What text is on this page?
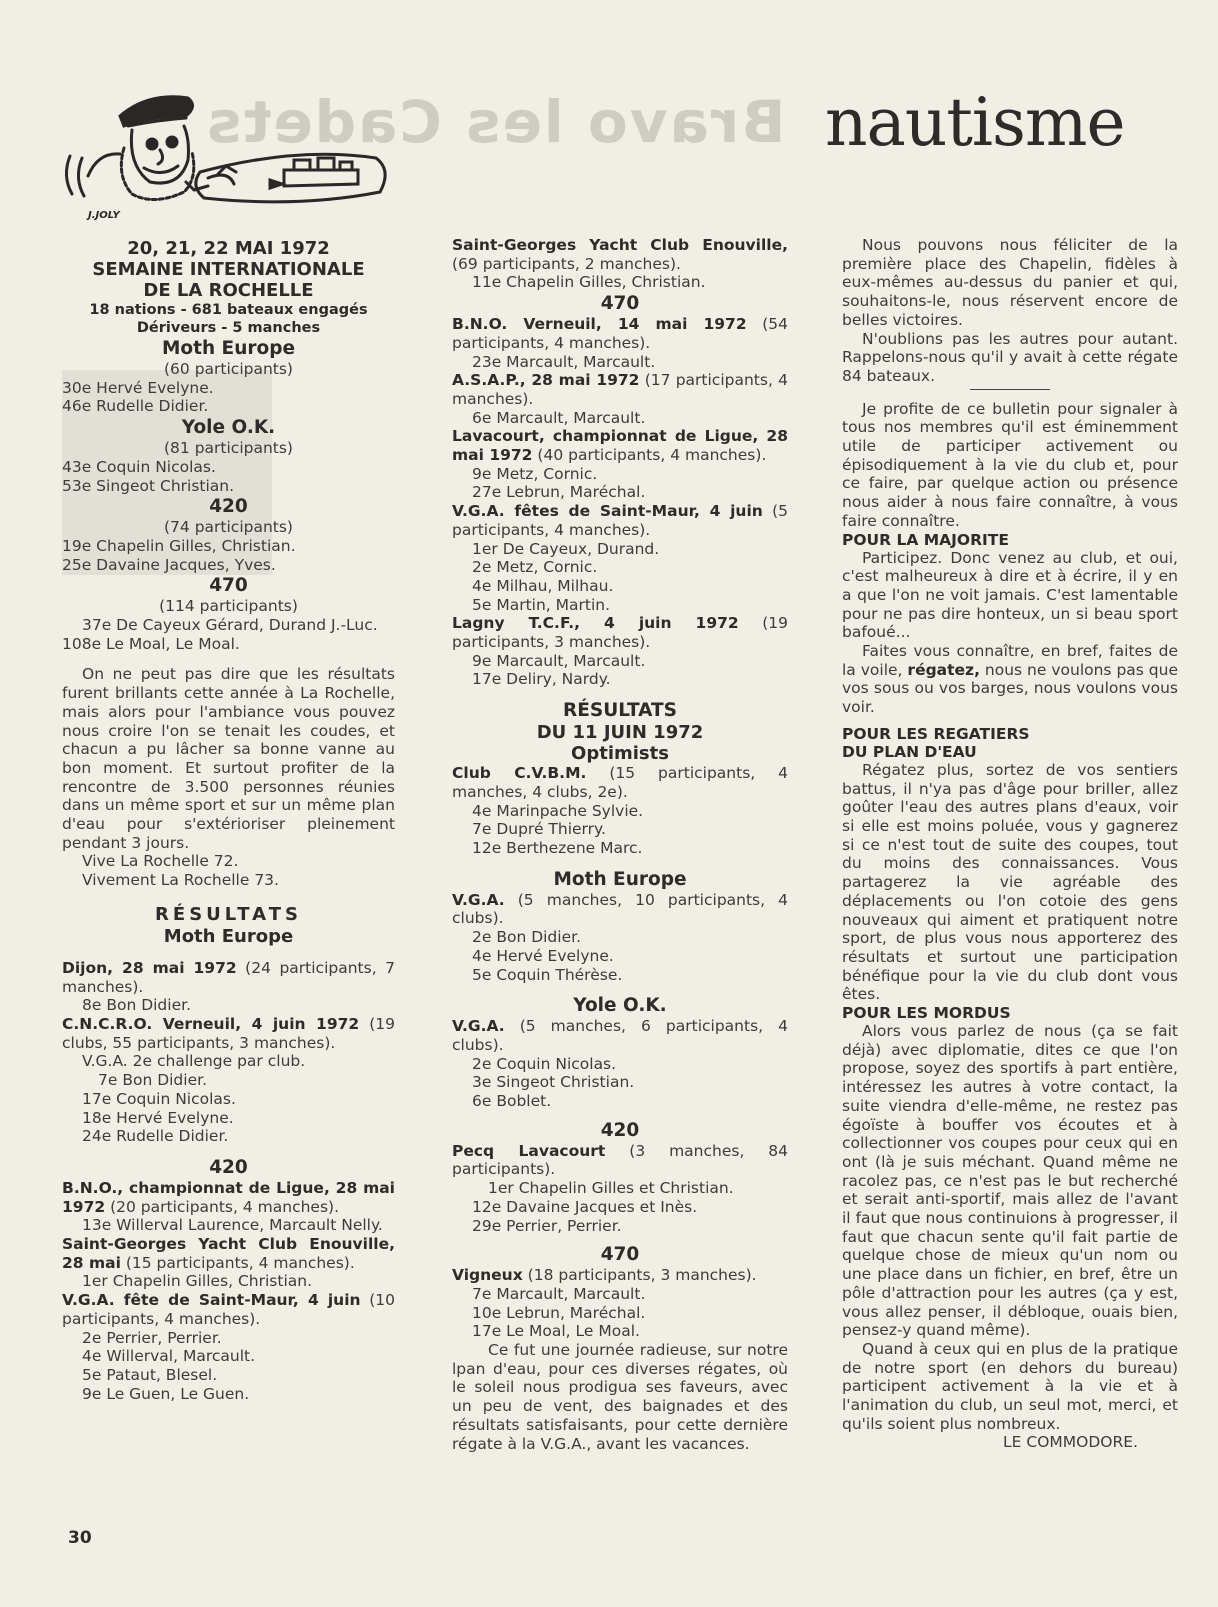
Bravo les Cadets
J.JOLY
nautisme

20, 21, 22 MAI 1972

SEMAINE INTERNATIONALE

DE LA ROCHELLE

18 nations - 681 bateaux engagés

Dériveurs - 5 manches

Moth Europe

(60 participants)

30e Hervé Evelyne.

46e Rudelle Didier.

Yole O.K.

(81 participants)

43e Coquin Nicolas.

53e Singeot Christian.

420

(74 participants)

19e Chapelin Gilles, Christian.

25e Davaine Jacques, Yves.

470

(114 participants)

37e De Cayeux Gérard, Durand J.-Luc.

108e Le Moal, Le Moal.

On ne peut pas dire que les résultats furent brillants cette année à La Rochelle, mais alors pour l'ambiance vous pouvez nous croire l'on se tenait les coudes, et chacun a pu lâcher sa bonne vanne au bon moment. Et surtout profiter de la rencontre de 3.500 personnes réunies dans un même sport et sur un même plan d'eau pour s'extérioriser pleinement pendant 3 jours.

Vive La Rochelle 72.

Vivement La Rochelle 73.

RÉSULTATS

Moth Europe

Dijon, 28 mai 1972 (24 participants, 7 manches).

8e Bon Didier.

C.N.C.R.O. Verneuil, 4 juin 1972 (19 clubs, 55 participants, 3 manches).

V.G.A. 2e challenge par club.

7e Bon Didier.

17e Coquin Nicolas.

18e Hervé Evelyne.

24e Rudelle Didier.

420

B.N.O., championnat de Ligue, 28 mai 1972 (20 participants, 4 manches).

13e Willerval Laurence, Marcault Nelly.

Saint-Georges Yacht Club Enouville, 28 mai (15 participants, 4 manches).

1er Chapelin Gilles, Christian.

V.G.A. fête de Saint-Maur, 4 juin (10 participants, 4 manches).

2e Perrier, Perrier.

4e Willerval, Marcault.

5e Pataut, Blesel.

9e Le Guen, Le Guen.

Saint-Georges Yacht Club Enouville, (69 participants, 2 manches).

11e Chapelin Gilles, Christian.

470

B.N.O. Verneuil, 14 mai 1972 (54 participants, 4 manches).

23e Marcault, Marcault.

A.S.A.P., 28 mai 1972 (17 participants, 4 manches).

6e Marcault, Marcault.

Lavacourt, championnat de Ligue, 28 mai 1972 (40 participants, 4 manches).

9e Metz, Cornic.

27e Lebrun, Maréchal.

V.G.A. fêtes de Saint-Maur, 4 juin (5 participants, 4 manches).

1er De Cayeux, Durand.

2e Metz, Cornic.

4e Milhau, Milhau.

5e Martin, Martin.

Lagny T.C.F., 4 juin 1972 (19 participants, 3 manches).

9e Marcault, Marcault.

17e Deliry, Nardy.

RÉSULTATS

DU 11 JUIN 1972

Optimists

Club C.V.B.M. (15 participants, 4 manches, 4 clubs, 2e).

4e Marinpache Sylvie.

7e Dupré Thierry.

12e Berthezene Marc.

Moth Europe

V.G.A. (5 manches, 10 participants, 4 clubs).

2e Bon Didier.

4e Hervé Evelyne.

5e Coquin Thérèse.

Yole O.K.

V.G.A. (5 manches, 6 participants, 4 clubs).

2e Coquin Nicolas.

3e Singeot Christian.

6e Boblet.

420

Pecq Lavacourt (3 manches, 84 participants).

1er Chapelin Gilles et Christian.

12e Davaine Jacques et Inès.

29e Perrier, Perrier.

470

Vigneux (18 participants, 3 manches).

7e Marcault, Marcault.

10e Lebrun, Maréchal.

17e Le Moal, Le Moal.

Ce fut une journée radieuse, sur notre lpan d'eau, pour ces diverses régates, où le soleil nous prodigua ses faveurs, avec un peu de vent, des baignades et des résultats satisfaisants, pour cette dernière régate à la V.G.A., avant les vacances.

Nous pouvons nous féliciter de la première place des Chapelin, fidèles à eux-mêmes au-dessus du panier et qui, souhaitons-le, nous réservent encore de belles victoires.

N'oublions pas les autres pour autant. Rappelons-nous qu'il y avait à cette régate 84 bateaux.

Je profite de ce bulletin pour signaler à tous nos membres qu'il est éminemment utile de participer activement ou épisodiquement à la vie du club et, pour ce faire, par quelque action ou présence nous aider à nous faire connaître, à vous faire connaître.

POUR LA MAJORITE

Participez. Donc venez au club, et oui, c'est malheureux à dire et à écrire, il y en a que l'on ne voit jamais. C'est lamentable pour ne pas dire honteux, un si beau sport bafoué...

Faites vous connaître, en bref, faites de la voile, régatez, nous ne voulons pas que vos sous ou vos barges, nous voulons vous voir.

POUR LES REGATIERS

DU PLAN D'EAU

Régatez plus, sortez de vos sentiers battus, il n'ya pas d'âge pour briller, allez goûter l'eau des autres plans d'eaux, voir si elle est moins poluée, vous y gagnerez si ce n'est tout de suite des coupes, tout du moins des connaissances. Vous partagerez la vie agréable des déplacements ou l'on cotoie des gens nouveaux qui aiment et pratiquent notre sport, de plus vous nous apporterez des résultats et surtout une participation bénéfique pour la vie du club dont vous êtes.

POUR LES MORDUS

Alors vous parlez de nous (ça se fait déjà) avec diplomatie, dites ce que l'on propose, soyez des sportifs à part entière, intéressez les autres à votre contact, la suite viendra d'elle-même, ne restez pas égoïste à bouffer vos écoutes et à collectionner vos coupes pour ceux qui en ont (là je suis méchant. Quand même ne racolez pas, ce n'est pas le but recherché et serait anti-sportif, mais allez de l'avant il faut que nous continuions à progresser, il faut que chacun sente qu'il fait partie de quelque chose de mieux qu'un nom ou une place dans un fichier, en bref, être un pôle d'attraction pour les autres (ça y est, vous allez penser, il débloque, ouais bien, pensez-y quand même).

Quand à ceux qui en plus de la pratique de notre sport (en dehors du bureau) participent activement à la vie et à l'animation du club, un seul mot, merci, et qu'ils soient plus nombreux.

LE COMMODORE.

30
